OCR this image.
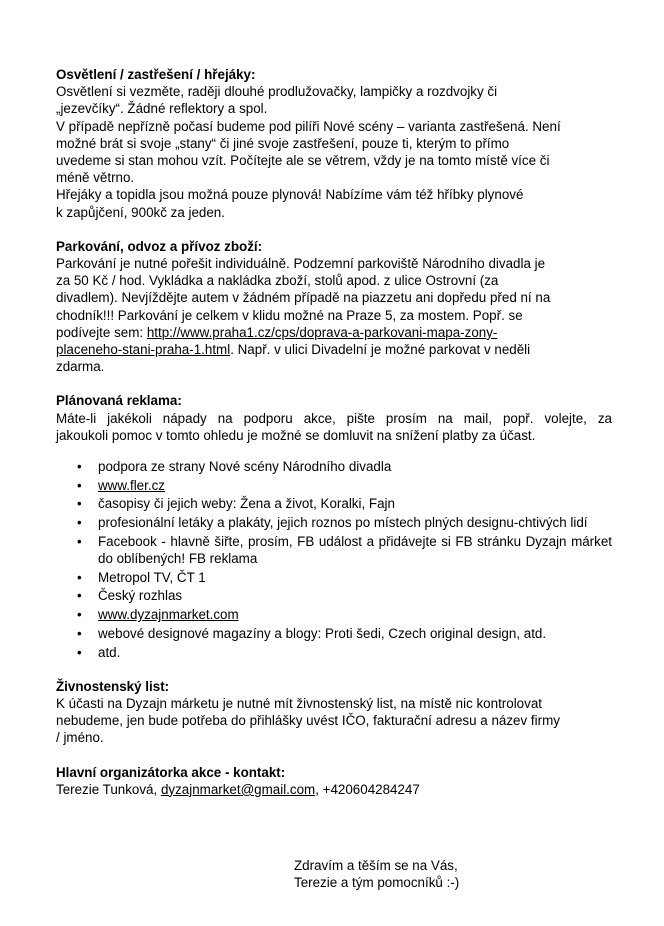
Osvětlení / zastřešení / hřejáky:

Osvětlení si vezměte, raději dlouhé prodlužovačky, lampičky a rozdvojky či

„jezevčíky“. Žádné reflektory a spol.

V případě nepřízně počasí budeme pod pilíři Nové scény – varianta zastřešená. Není

možné brát si svoje „stany“ či jiné svoje zastřešení, pouze ti, kterým to přímo

uvedeme si stan mohou vzít. Počítejte ale se větrem, vždy je na tomto místě více či

méně větrno.

Hřejáky a topidla jsou možná pouze plynová! Nabízíme vám též hříbky plynové

k zapůjčení, 900kč za jeden.

Parkování, odvoz a přívoz zboží:

Parkování je nutné pořešit individuálně. Podzemní parkoviště Národního divadla je

za 50 Kč / hod. Vykládka a nakládka zboží, stolů apod. z ulice Ostrovní (za

divadlem). Nevjíždějte autem v žádném případě na piazzetu ani dopředu před ní na

chodník!!! Parkování je celkem v klidu možné na Praze 5, za mostem. Popř. se

podívejte sem: http://www.praha1.cz/cps/doprava-a-parkovani-mapa-zony-

placeneho-stani-praha-1.html. Např. v ulici Divadelní je možné parkovat v neděli

zdarma.

Plánovaná reklama:

Máte-li jakékoli nápady na podporu akce, pište prosím na mail, popř. volejte, za

jakoukoli pomoc v tomto ohledu je možné se domluvit na snížení platby za účast.

• podpora ze strany Nové scény Národního divadla
• www.fler.cz
• časopisy či jejich weby: Žena a život, Koralki, Fajn
• profesionální letáky a plakáty, jejich roznos po místech plných designu-chtivých lidí
• Facebook - hlavně šiřte, prosím, FB událost a přidávejte si FB stránku Dyzajn márket do oblíbených! FB reklama
• Metropol TV, ČT 1
• Český rozhlas
• www.dyzajnmarket.com
• webové designové magazíny a blogy: Proti šedi, Czech original design, atd.
• atd.

Živnostenský list:

K účasti na Dyzajn márketu je nutné mít živnostenský list, na místě nic kontrolovat

nebudeme, jen bude potřeba do přihlášky uvést IČO, fakturační adresu a název firmy

/ jméno.

Hlavní organizátorka akce - kontakt:

Terezie Tunková, dyzajnmarket@gmail.com, +420604284247

Zdravím a těším se na Vás,

Terezie a tým pomocníků :-)
